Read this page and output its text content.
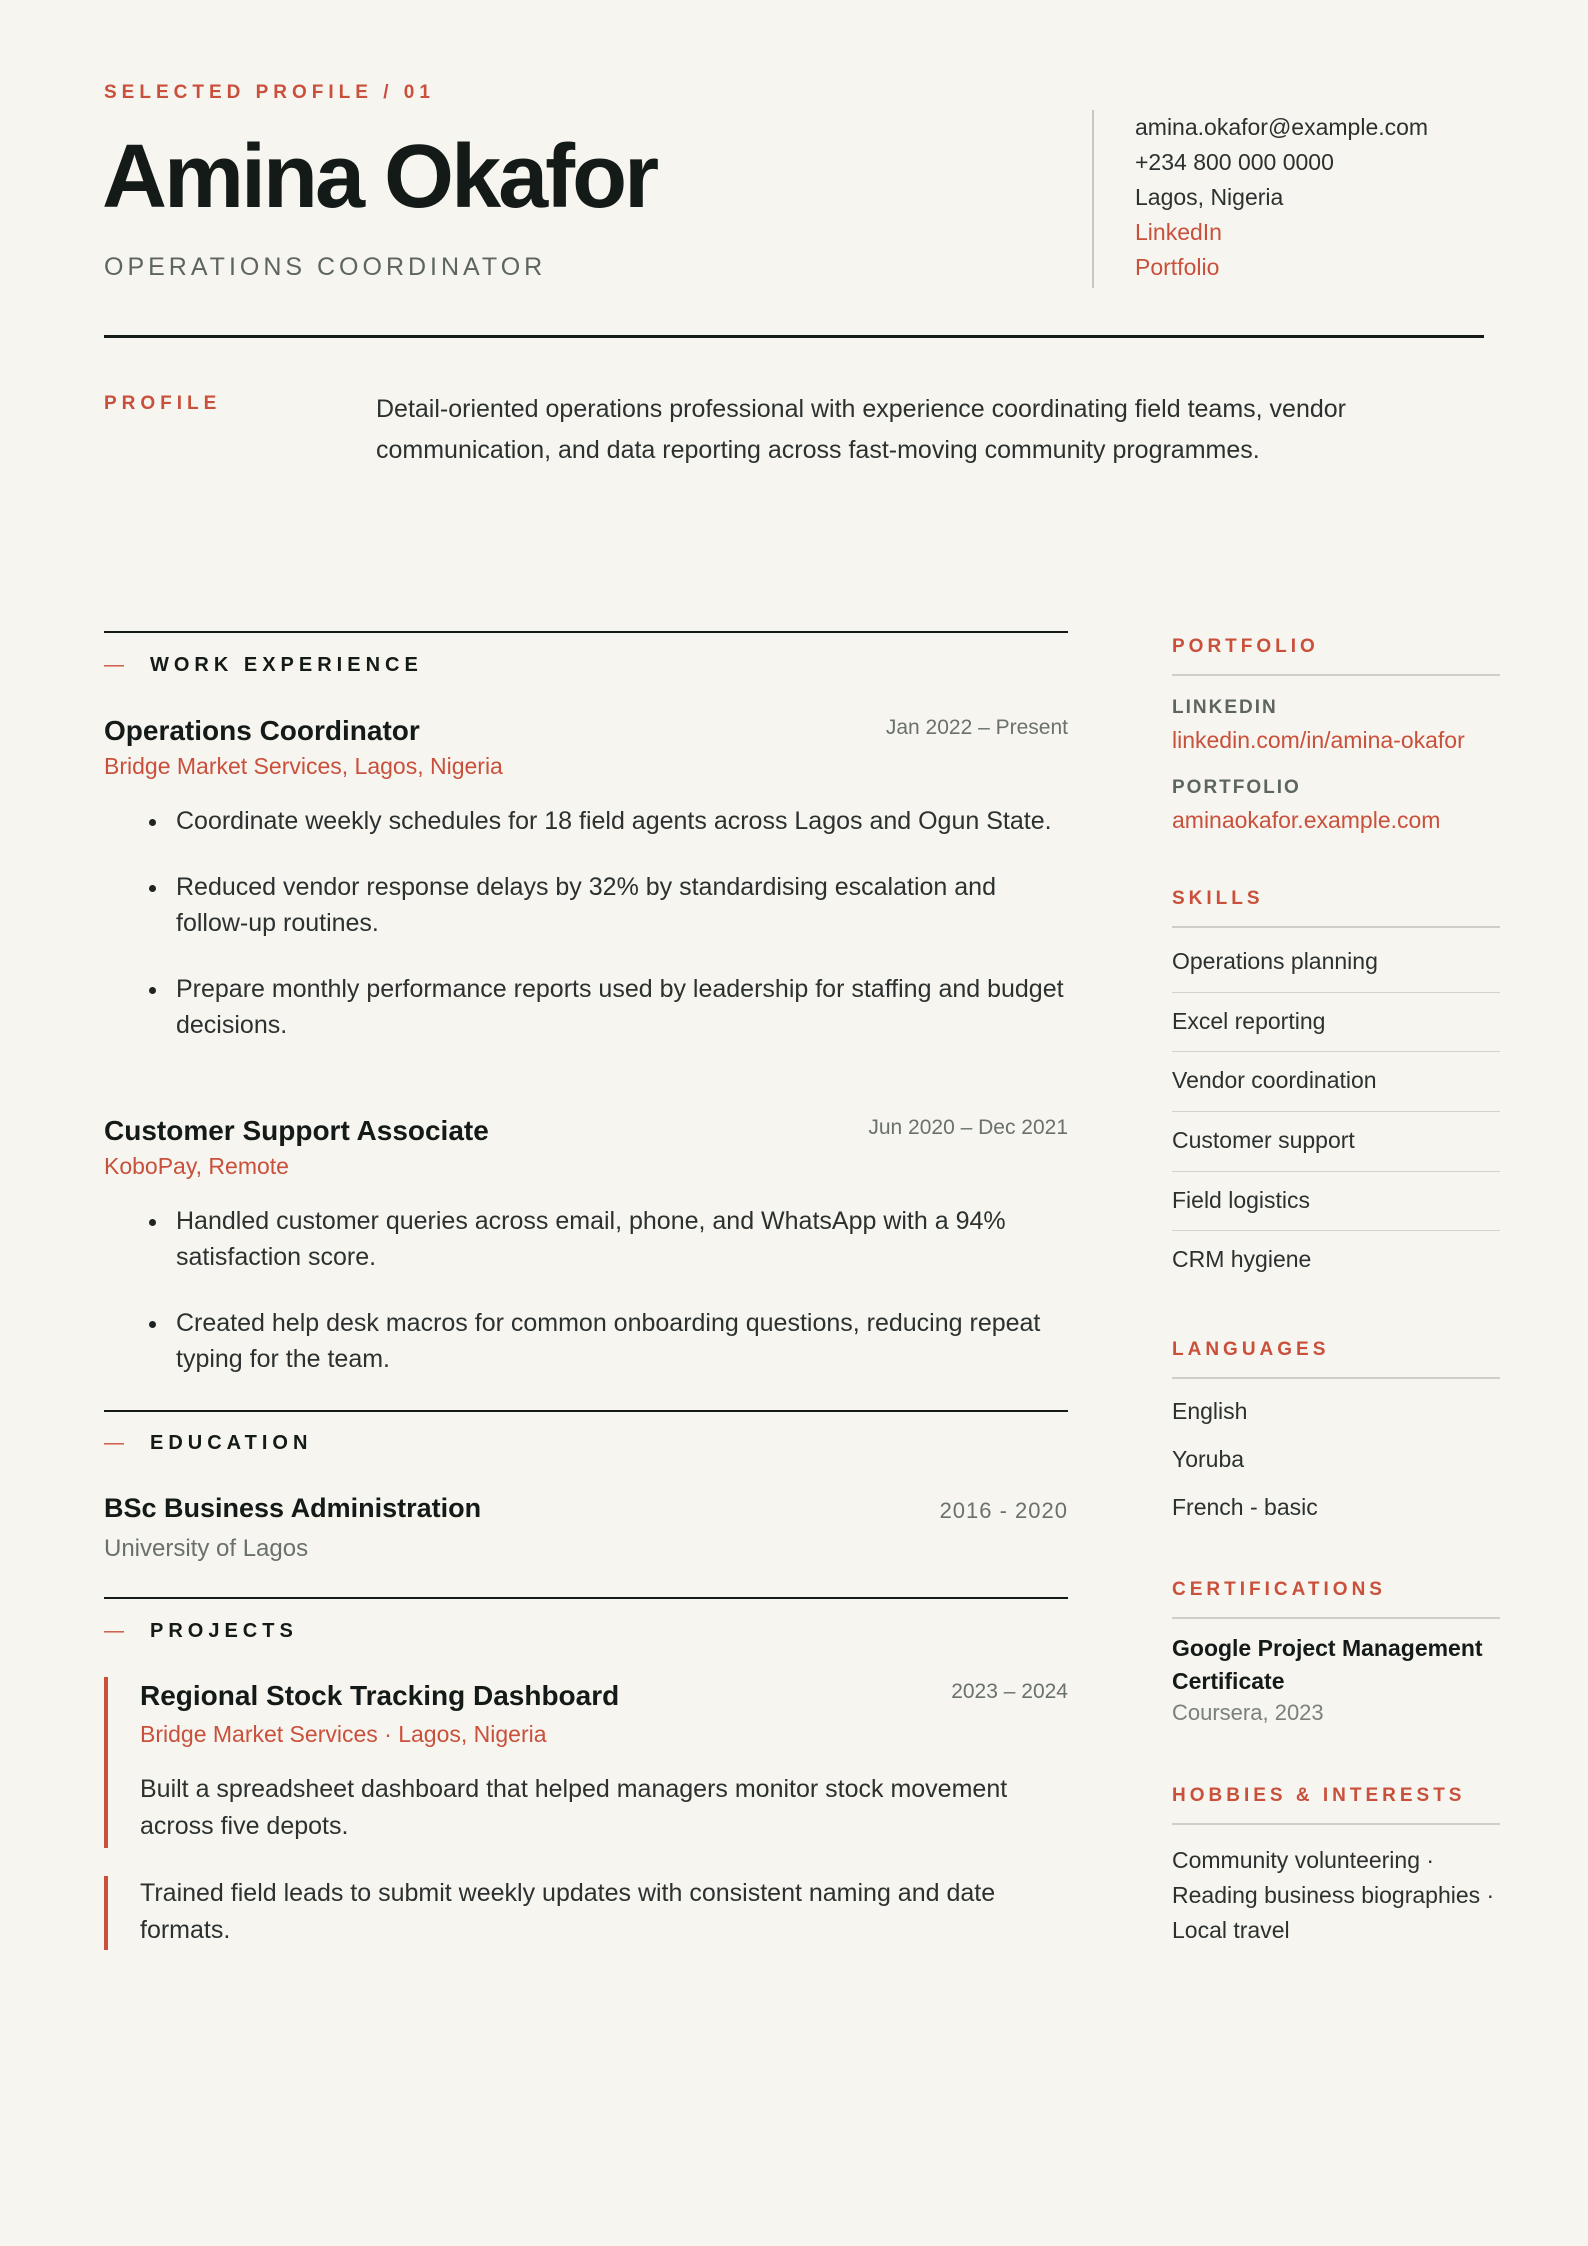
SELECTED PROFILE / 01
Amina Okafor
OPERATIONS COORDINATOR
amina.okafor@example.com
+234 800 000 0000
Lagos, Nigeria
LinkedIn
Portfolio
PROFILE	Detail-oriented operations professional with experience coordinating field teams, vendor communication, and data reporting across fast-moving community programmes.
— WORK EXPERIENCE
Operations Coordinator	Jan 2022 – Present
Bridge Market Services, Lagos, Nigeria
Coordinate weekly schedules for 18 field agents across Lagos and Ogun State.
Reduced vendor response delays by 32% by standardising escalation and follow-up routines.
Prepare monthly performance reports used by leadership for staffing and budget decisions.
Customer Support Associate	Jun 2020 – Dec 2021
KoboPay, Remote
Handled customer queries across email, phone, and WhatsApp with a 94% satisfaction score.
Created help desk macros for common onboarding questions, reducing repeat typing for the team.
— EDUCATION
BSc Business Administration	2016 - 2020
University of Lagos
— PROJECTS
Regional Stock Tracking Dashboard	2023 – 2024
Bridge Market Services · Lagos, Nigeria
Built a spreadsheet dashboard that helped managers monitor stock movement across five depots.
Trained field leads to submit weekly updates with consistent naming and date formats.
PORTFOLIO
LINKEDIN
linkedin.com/in/amina-okafor
PORTFOLIO
aminaokafor.example.com
SKILLS
Operations planning
Excel reporting
Vendor coordination
Customer support
Field logistics
CRM hygiene
LANGUAGES
English
Yoruba
French - basic
CERTIFICATIONS
Google Project Management Certificate
Coursera, 2023
HOBBIES & INTERESTS
Community volunteering · Reading business biographies · Local travel
